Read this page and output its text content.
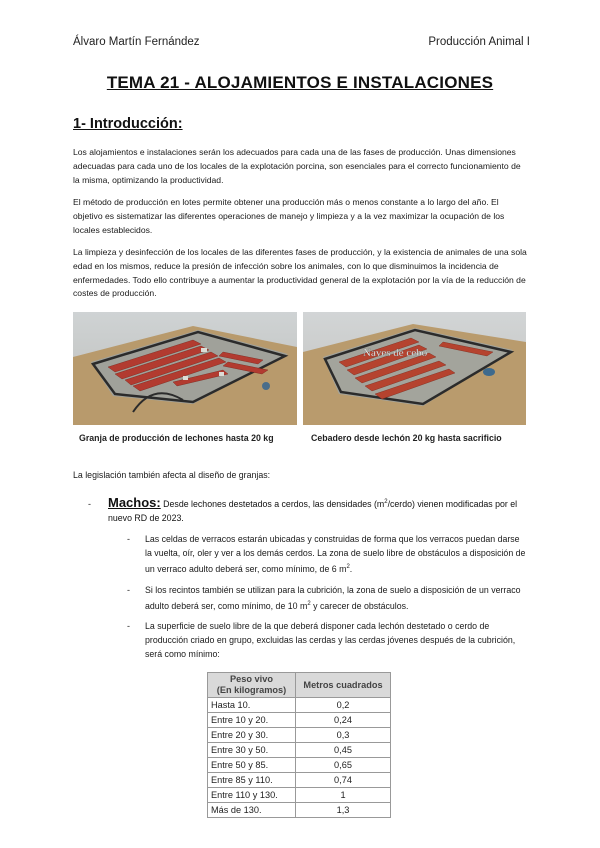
Álvaro Martín Fernández	Producción Animal I
TEMA 21 - ALOJAMIENTOS E INSTALACIONES
1- Introducción:

Los alojamientos e instalaciones serán los adecuados para cada una de las fases de producción. Unas dimensiones adecuadas para cada uno de los locales de la explotación porcina, son esenciales para el correcto funcionamiento de la misma, optimizando la productividad.

El método de producción en lotes permite obtener una producción más o menos constante a lo largo del año. El objetivo es sistematizar las diferentes operaciones de manejo y limpieza y a la vez maximizar la ocupación de los locales establecidos.

La limpieza y desinfección de los locales de las diferentes fases de producción, y la existencia de animales de una sola edad en los mismos, reduce la presión de infección sobre los animales, con lo que disminuimos la incidencia de enfermedades. Todo ello contribuye a aumentar la productividad general de la explotación por la vía de la reducción de costes de producción.

Naves de cebo
Granja de producción de lechones hasta 20 kg	Cebadero desde lechón 20 kg hasta sacrificio
La legislación también afecta al diseño de granjas:
- Machos: Desde lechones destetados a cerdos, las densidades $(m^2/cerdo)$ vienen modificadas por el nuevo RD de 2023.
- Las celdas de verracos estarán ubicadas y construidas de forma que los verracos puedan darse la vuelta, oír, oler y ver a los demás cerdos. La zona de suelo libre de obstáculos a disposición de un verraco adulto deberá ser, como mínimo, de 6 $m^2$.
- Si los recintos también se utilizan para la cubrición, la zona de suelo a disposición de un verraco adulto deberá ser, como mínimo, de 10 $m^2$ y carecer de obstáculos.
- La superficie de suelo libre de la que deberá disponer cada lechón destetado o cerdo de producción criado en grupo, excluidas las cerdas y las cerdas jóvenes después de la cubrición, será como mínimo:
Peso vivo
(En kilogramos)	Metros cuadrados
Hasta 10.	0,2
Entre 10 y 20.	0,24
Entre 20 y 30.	0,3
Entre 30 y 50.	0,45
Entre 50 y 85.	0,65
Entre 85 y 110.	0,74
Entre 110 y 130.	1
Más de 130.	1,3
